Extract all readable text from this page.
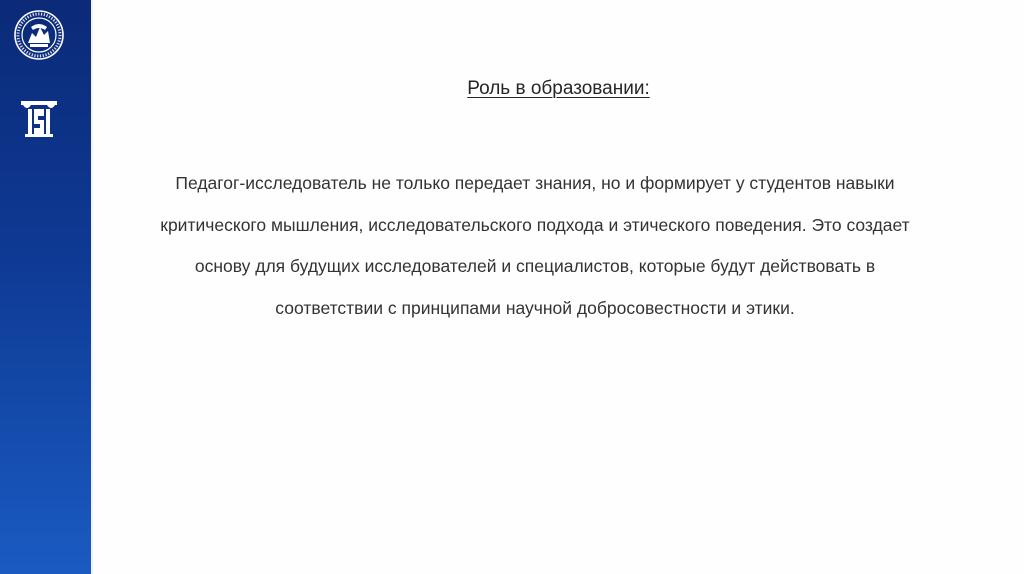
Роль в образовании:

Педагог-исследователь не только передает знания, но и формирует у студентов навыки критического мышления, исследовательского подхода и этического поведения. Это создает основу для будущих исследователей и специалистов, которые будут действовать в соответствии с принципами научной добросовестности и этики.
